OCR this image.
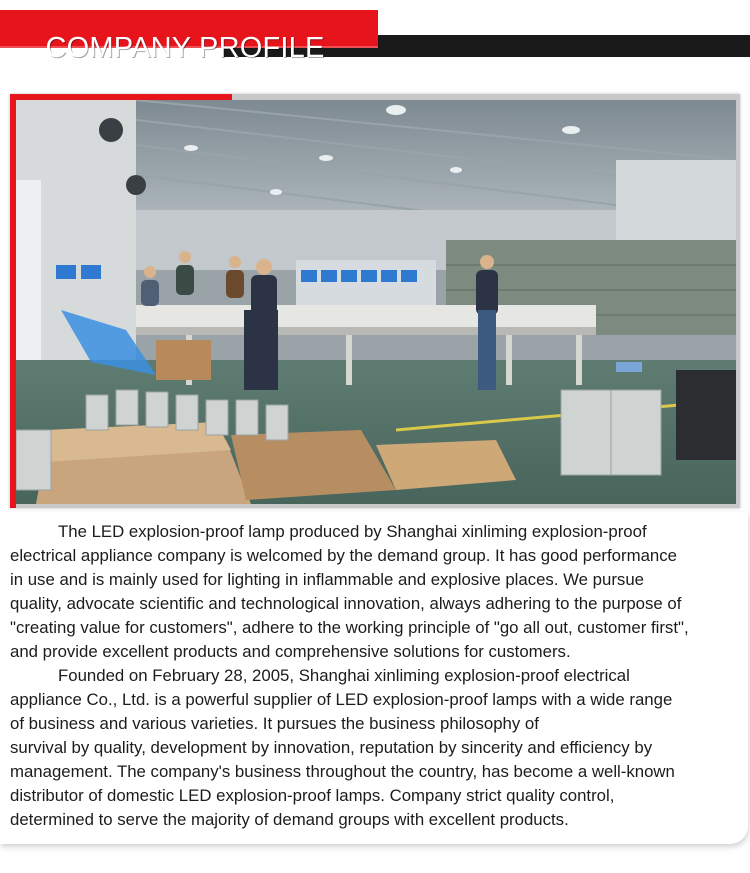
COMPANY PROFILE

The LED explosion-proof lamp produced by Shanghai xinliming explosion-proof
electrical appliance company is welcomed by the demand group. It has good performance
in use and is mainly used for lighting in inflammable and explosive places. We pursue
quality, advocate scientific and technological innovation, always adhering to the purpose of
"creating value for customers", adhere to the working principle of "go all out, customer first",
and provide excellent products and comprehensive solutions for customers.

Founded on February 28, 2005, Shanghai xinliming explosion-proof electrical
appliance Co., Ltd. is a powerful supplier of LED explosion-proof lamps with a wide range
of business and various varieties. It pursues the business philosophy of
survival by quality, development by innovation, reputation by sincerity and efficiency by
management. The company's business throughout the country, has become a well-known
distributor of domestic LED explosion-proof lamps. Company strict quality control,
determined to serve the majority of demand groups with excellent products.
